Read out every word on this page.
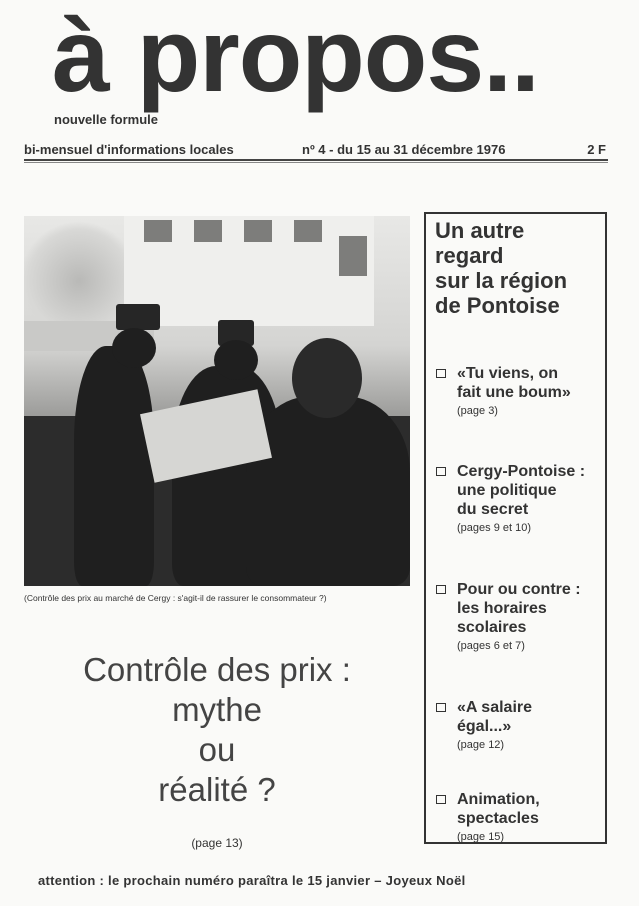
à propos..
nouvelle formule
bi-mensuel d'informations locales	nº 4 - du 15 au 31 décembre 1976	2 F
(Contrôle des prix au marché de Cergy : s'agit-il de rassurer le consommateur ?)
Contrôle des prix :
mythe
ou
réalité ?
(page 13)
Un autre
regard
sur la région
de Pontoise
«Tu viens, on
fait une boum»
(page 3)
Cergy-Pontoise :
une politique
du secret
(pages 9 et 10)
Pour ou contre :
les horaires
scolaires
(pages 6 et 7)
«A salaire
égal...»
(page 12)
Animation,
spectacles
(page 15)
attention : le prochain numéro paraîtra le 15 janvier – Joyeux Noël
